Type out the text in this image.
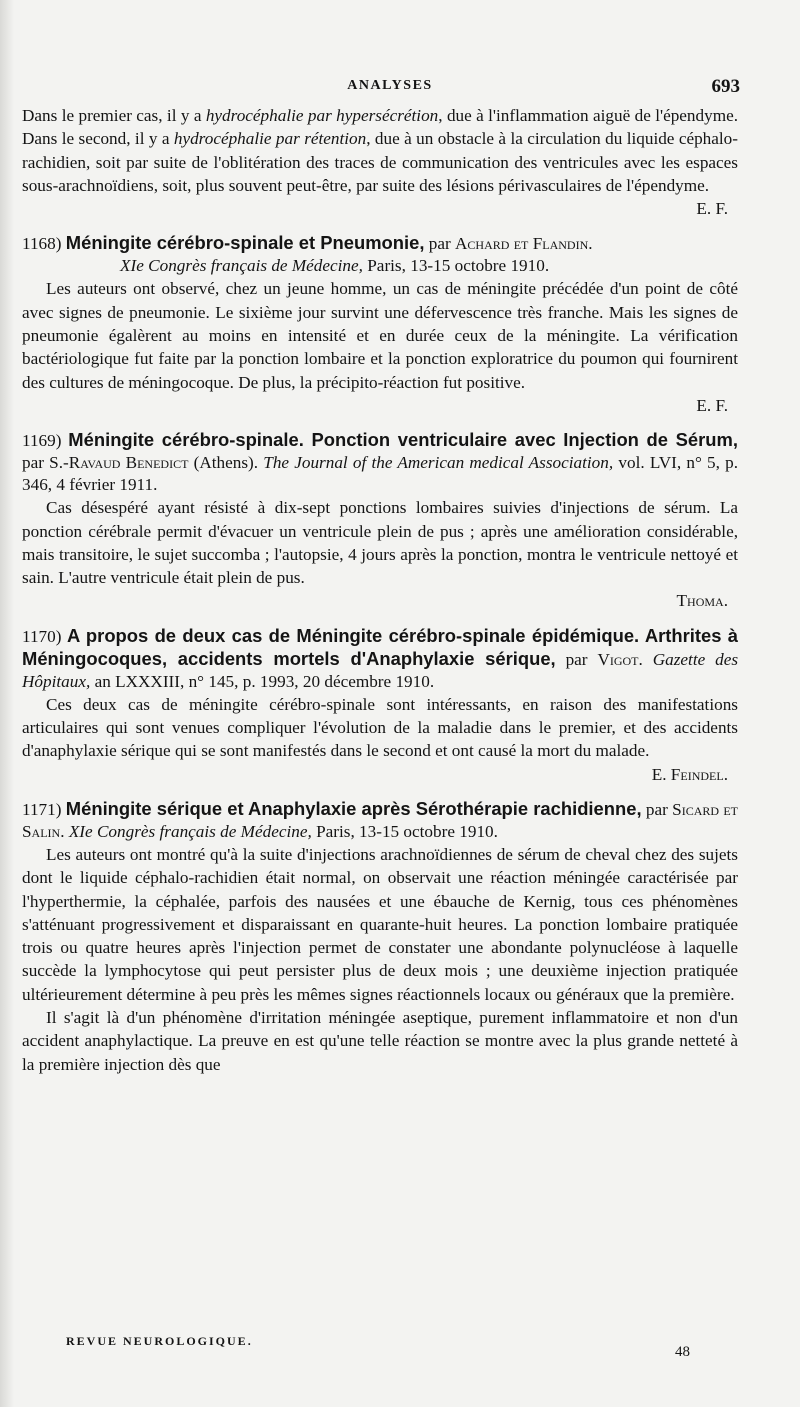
ANALYSES	693

Dans le premier cas, il y a hydrocéphalie par hypersécrétion, due à l'inflammation aiguë de l'épendyme. Dans le second, il y a hydrocéphalie par rétention, due à un obstacle à la circulation du liquide céphalo-rachidien, soit par suite de l'oblitération des traces de communication des ventricules avec les espaces sous-arachnoïdiens, soit, plus souvent peut-être, par suite des lésions périvasculaires de l'épendyme.

E. F.

1168) Méningite cérébro-spinale et Pneumonie, par Achard et Flandin.
XIe Congrès français de Médecine, Paris, 13-15 octobre 1910.

Les auteurs ont observé, chez un jeune homme, un cas de méningite précédée d'un point de côté avec signes de pneumonie. Le sixième jour survint une défervescence très franche. Mais les signes de pneumonie égalèrent au moins en intensité et en durée ceux de la méningite. La vérification bactériologique fut faite par la ponction lombaire et la ponction exploratrice du poumon qui fournirent des cultures de méningocoque. De plus, la précipito-réaction fut positive.

E. F.

1169) Méningite cérébro-spinale. Ponction ventriculaire avec Injection de Sérum, par S.-Ravaud Benedict (Athens). The Journal of the American medical Association, vol. LVI, n° 5, p. 346, 4 février 1911.

Cas désespéré ayant résisté à dix-sept ponctions lombaires suivies d'injections de sérum. La ponction cérébrale permit d'évacuer un ventricule plein de pus ; après une amélioration considérable, mais transitoire, le sujet succomba ; l'autopsie, 4 jours après la ponction, montra le ventricule nettoyé et sain. L'autre ventricule était plein de pus.

Thoma.

1170) A propos de deux cas de Méningite cérébro-spinale épidémique. Arthrites à Méningocoques, accidents mortels d'Anaphylaxie sérique, par Vigot. Gazette des Hôpitaux, an LXXXIII, n° 145, p. 1993, 20 décembre 1910.

Ces deux cas de méningite cérébro-spinale sont intéressants, en raison des manifestations articulaires qui sont venues compliquer l'évolution de la maladie dans le premier, et des accidents d'anaphylaxie sérique qui se sont manifestés dans le second et ont causé la mort du malade.

E. Feindel.

1171) Méningite sérique et Anaphylaxie après Sérothérapie rachidienne, par Sicard et Salin. XIe Congrès français de Médecine, Paris, 13-15 octobre 1910.

Les auteurs ont montré qu'à la suite d'injections arachnoïdiennes de sérum de cheval chez des sujets dont le liquide céphalo-rachidien était normal, on observait une réaction méningée caractérisée par l'hyperthermie, la céphalée, parfois des nausées et une ébauche de Kernig, tous ces phénomènes s'atténuant progressivement et disparaissant en quarante-huit heures. La ponction lombaire pratiquée trois ou quatre heures après l'injection permet de constater une abondante polynucléose à laquelle succède la lymphocytose qui peut persister plus de deux mois ; une deuxième injection pratiquée ultérieurement détermine à peu près les mêmes signes réactionnels locaux ou généraux que la première.

Il s'agit là d'un phénomène d'irritation méningée aseptique, purement inflammatoire et non d'un accident anaphylactique. La preuve en est qu'une telle réaction se montre avec la plus grande netteté à la première injection dès que

REVUE NEUROLOGIQUE.
48
